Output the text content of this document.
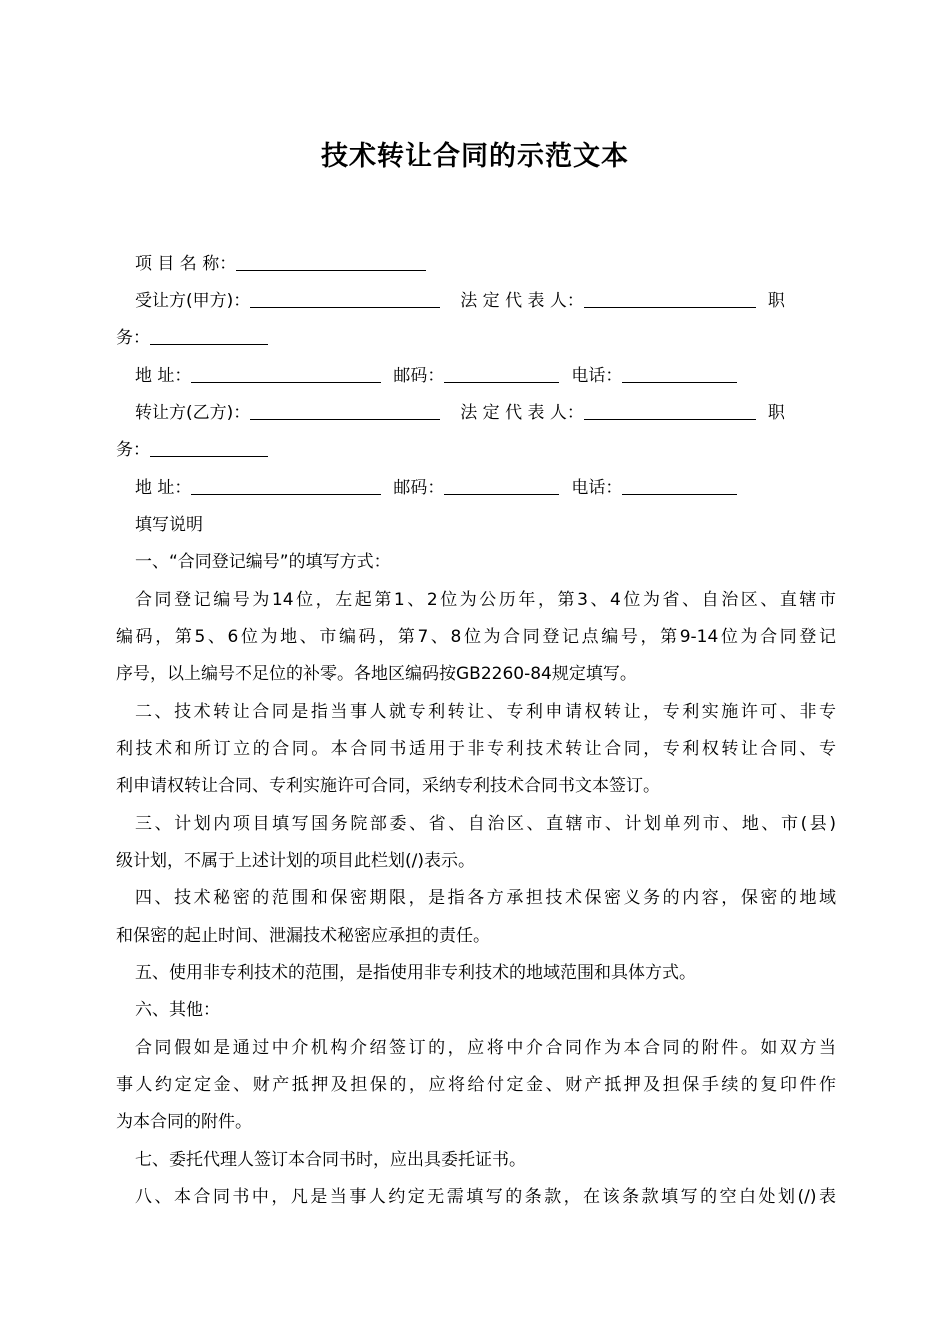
技术转让合同的示范文本
项 目 名 称：
受让方(甲方)：	法 定 代 表 人：	职
务：
地 址：	邮码：	电话：
转让方(乙方)：	法 定 代 表 人：	职
务：
地 址：	邮码：	电话：
填写说明
一、“合同登记编号”的填写方式：
合同登记编号为14位，左起第1、2位为公历年，第3、4位为省、自治区、直辖市
编码，第5、6位为地、市编码，第7、8位为合同登记点编号，第9-14位为合同登记
序号，以上编号不足位的补零。各地区编码按GB2260-84规定填写。
二、技术转让合同是指当事人就专利转让、专利申请权转让，专利实施许可、非专
利技术和所订立的合同。本合同书适用于非专利技术转让合同，专利权转让合同、专
利申请权转让合同、专利实施许可合同，采纳专利技术合同书文本签订。
三、计划内项目填写国务院部委、省、自治区、直辖市、计划单列市、地、市(县)
级计划，不属于上述计划的项目此栏划(/)表示。
四、技术秘密的范围和保密期限，是指各方承担技术保密义务的内容，保密的地域
和保密的起止时间、泄漏技术秘密应承担的责任。
五、使用非专利技术的范围，是指使用非专利技术的地域范围和具体方式。
六、其他：
合同假如是通过中介机构介绍签订的，应将中介合同作为本合同的附件。如双方当
事人约定定金、财产抵押及担保的，应将给付定金、财产抵押及担保手续的复印件作
为本合同的附件。
七、委托代理人签订本合同书时，应出具委托证书。
八、本合同书中，凡是当事人约定无需填写的条款，在该条款填写的空白处划(/)表
